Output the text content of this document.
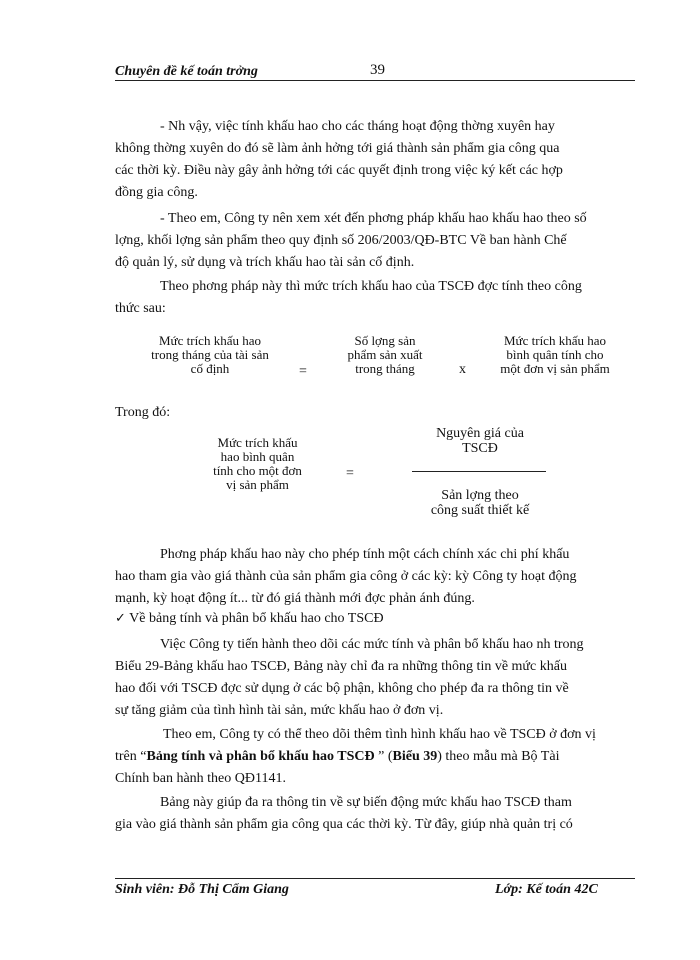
Chuyên đề kế toán trởng	39
- Nh vậy, việc tính khấu hao cho các tháng hoạt động thờng xuyên hay
không thờng xuyên do đó sẽ làm ảnh hởng tới giá thành sản phẩm gia công qua
các thời kỳ. Điều này gây ảnh hởng tới các quyết định trong việc ký kết các hợp
đồng gia công.
- Theo em, Công ty nên xem xét đến phơng pháp khấu hao khấu hao theo số
lợng, khối lợng sản phẩm theo quy định số 206/2003/QĐ-BTC Về ban hành Chế
độ quản lý, sử dụng và trích khấu hao tài sản cố định.
Theo phơng pháp này thì mức trích khấu hao của TSCĐ đợc tính theo công
thức sau:
Mức trích khấu hao
trong tháng của tài sản
cố định	=
Số lợng sản
phẩm sản xuất
trong tháng	x
Mức trích khấu hao
bình quân tính cho
một đơn vị sản phẩm
Trong đó:
Mức trích khấu
hao bình quân
tính cho một đơn
vị sản phẩm
=
Nguyên giá của
TSCĐ
Sản lợng theo
công suất thiết kế
Phơng pháp khấu hao này cho phép tính một cách chính xác chi phí khấu
hao tham gia vào giá thành của sản phẩm gia công ở các kỳ: kỳ Công ty hoạt động
mạnh, kỳ hoạt động ít... từ đó giá thành mới đợc phản ánh đúng.
✓ Về bảng tính và phân bổ khấu hao cho TSCĐ
Việc Công ty tiến hành theo dõi các mức tính và phân bổ khấu hao nh trong
Biểu 29-Bảng khấu hao TSCĐ, Bảng này chỉ đa ra những thông tin về mức khấu
hao đối với TSCĐ đợc sử dụng ở các bộ phận, không cho phép đa ra thông tin về
sự tăng giảm của tình hình tài sản, mức khấu hao ở đơn vị.
Theo em, Công ty có thể theo dõi thêm tình hình khấu hao về TSCĐ ở đơn vị
trên “Bảng tính và phân bổ khấu hao TSCĐ ” (Biểu 39) theo mẫu mà Bộ Tài
Chính ban hành theo QĐ1141.
Bảng này giúp đa ra thông tin về sự biến động mức khấu hao TSCĐ tham
gia vào giá thành sản phẩm gia công qua các thời kỳ. Từ đây, giúp nhà quản trị có
Sinh viên: Đỗ Thị Cẩm Giang	Lớp: Kế toán 42C
